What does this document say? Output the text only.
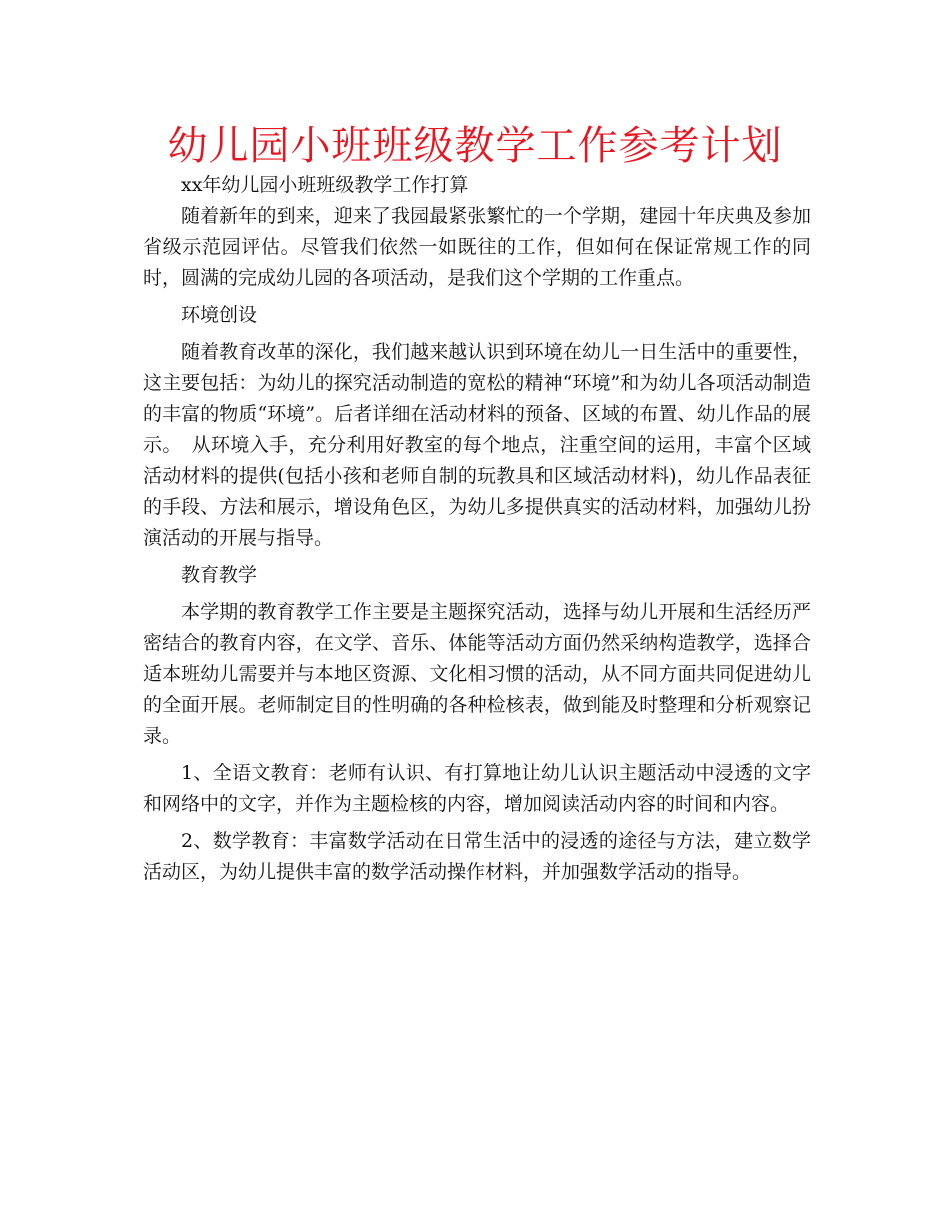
幼儿园小班班级教学工作参考计划

xx年幼儿园小班班级教学工作打算

随着新年的到来，迎来了我园最紧张繁忙的一个学期，建园十年庆典及参加省级示范园评估。尽管我们依然一如既往的工作，但如何在保证常规工作的同时，圆满的完成幼儿园的各项活动，是我们这个学期的工作重点。

环境创设

随着教育改革的深化，我们越来越认识到环境在幼儿一日生活中的重要性，这主要包括：为幼儿的探究活动制造的宽松的精神“环境”和为幼儿各项活动制造的丰富的物质“环境”。后者详细在活动材料的预备、区域的布置、幼儿作品的展示。　从环境入手，充分利用好教室的每个地点，注重空间的运用，丰富个区域活动材料的提供(包括小孩和老师自制的玩教具和区域活动材料)，幼儿作品表征的手段、方法和展示，增设角色区，为幼儿多提供真实的活动材料，加强幼儿扮演活动的开展与指导。

教育教学

本学期的教育教学工作主要是主题探究活动，选择与幼儿开展和生活经历严密结合的教育内容，在文学、音乐、体能等活动方面仍然采纳构造教学，选择合适本班幼儿需要并与本地区资源、文化相习惯的活动，从不同方面共同促进幼儿的全面开展。老师制定目的性明确的各种检核表，做到能及时整理和分析观察记录。

1、全语文教育：老师有认识、有打算地让幼儿认识主题活动中浸透的文字和网络中的文字，并作为主题检核的内容，增加阅读活动内容的时间和内容。

2、数学教育：丰富数学活动在日常生活中的浸透的途径与方法，建立数学活动区，为幼儿提供丰富的数学活动操作材料，并加强数学活动的指导。
